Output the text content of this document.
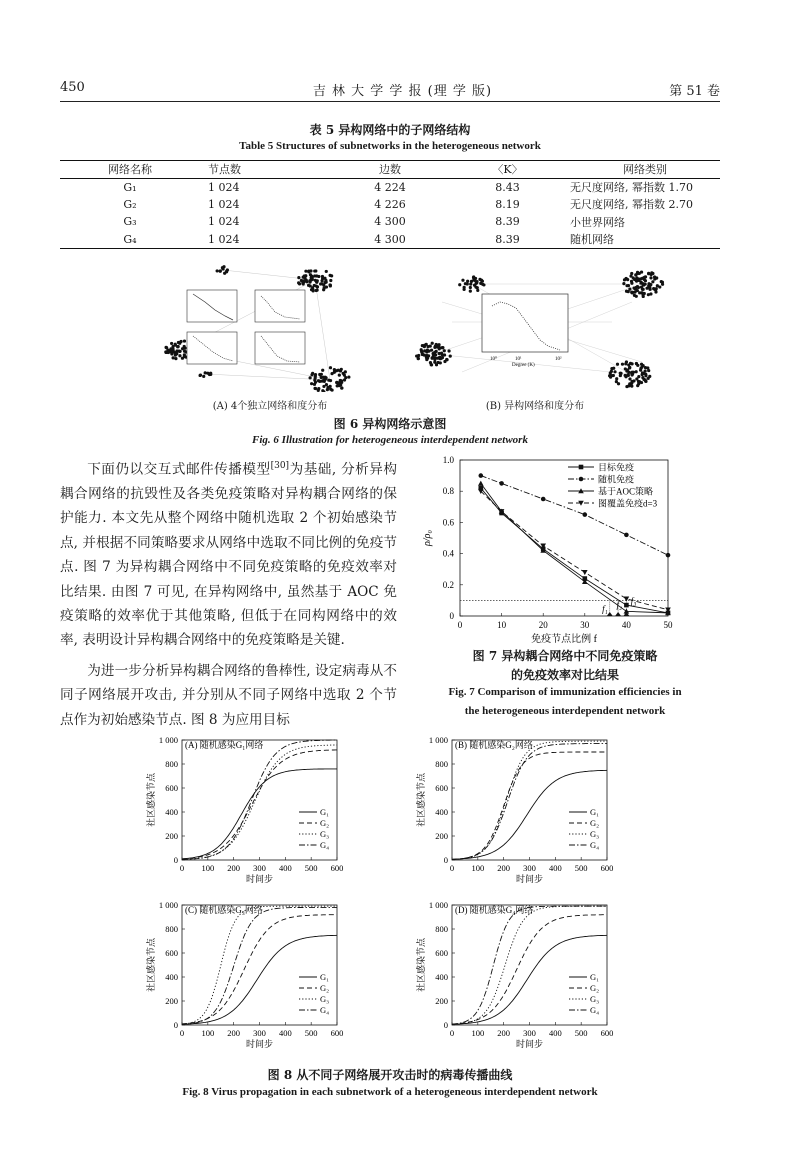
450	吉 林 大 学 学 报 (理 学 版)	第 51 卷
表 5 异构网络中的子网络结构
Table 5 Structures of subnetworks in the heterogeneous network
网络名称	节点数	边数	〈K〉	网络类别
G₁	1 024	4 224	8.43	无尺度网络, 幂指数 1.70
G₂	1 024	4 226	8.19	无尺度网络, 幂指数 2.70
G₃	1 024	4 300	8.39	小世界网络
G₄	1 024	4 300	8.39	随机网络
10⁰	10¹	10²
Degree (K)
(A) 4个独立网络和度分布	(B) 异构网络和度分布
图 6 异构网络示意图
Fig. 6 Illustration for heterogeneous interdependent network

下面仍以交互式邮件传播模型[30]为基础, 分析异构耦合网络的抗毁性及各类免疫策略对异构耦合网络的保护能力. 本文先从整个网络中随机选取 2 个初始感染节点, 并根据不同策略要求从网络中选取不同比例的免疫节点. 图 7 为异构耦合网络中不同免疫策略的免疫效率对比结果. 由图 7 可见, 在异构网络中, 虽然基于 AOC 免疫策略的效率优于其他策略, 但低于在同构网络中的效率, 表明设计异构耦合网络中的免疫策略是关键.

为进一步分析异构耦合网络的鲁棒性, 设定病毒从不同子网络展开攻击, 并分别从不同子网络中选取 2 个节点作为初始感染节点. 图 8 为应用目标

0	10	20	30	40	50
0
0.2
0.4
0.6
0.8
1.0
免疫节点比例 f
ρ/ρ₀
f₁ f₂ f₃
目标免疫
随机免疫
基于AOC策略
图覆盖免疫d=3
图 7 异构耦合网络中不同免疫策略
的免疫效率对比结果
Fig. 7 Comparison of immunization efficiencies in
the heterogeneous interdependent network
0 100 200 300 400 500 600
0
200
400
600
800
1 000 (A) 随机感染G₁网络
时间步
社区感染节点	G₁
G₂
G₃
G₄
0 100 200 300 400 500 600
0
200
400
600
800
1 000 (B) 随机感染G₂网络
时间步
社区感染节点	G₁
G₂
G₃
G₄
0 100 200 300 400 500 600
0
200
400
600
800
1 000 (C) 随机感染G₃网络
时间步
社区感染节点	G₁
G₂
G₃
G₄
0 100 200 300 400 500 600
0
200
400
600
800
1 000 (D) 随机感染G₄网络
时间步
社区感染节点	G₁
G₂
G₃
G₄
图 8 从不同子网络展开攻击时的病毒传播曲线
Fig. 8 Virus propagation in each subnetwork of a heterogeneous interdependent network
